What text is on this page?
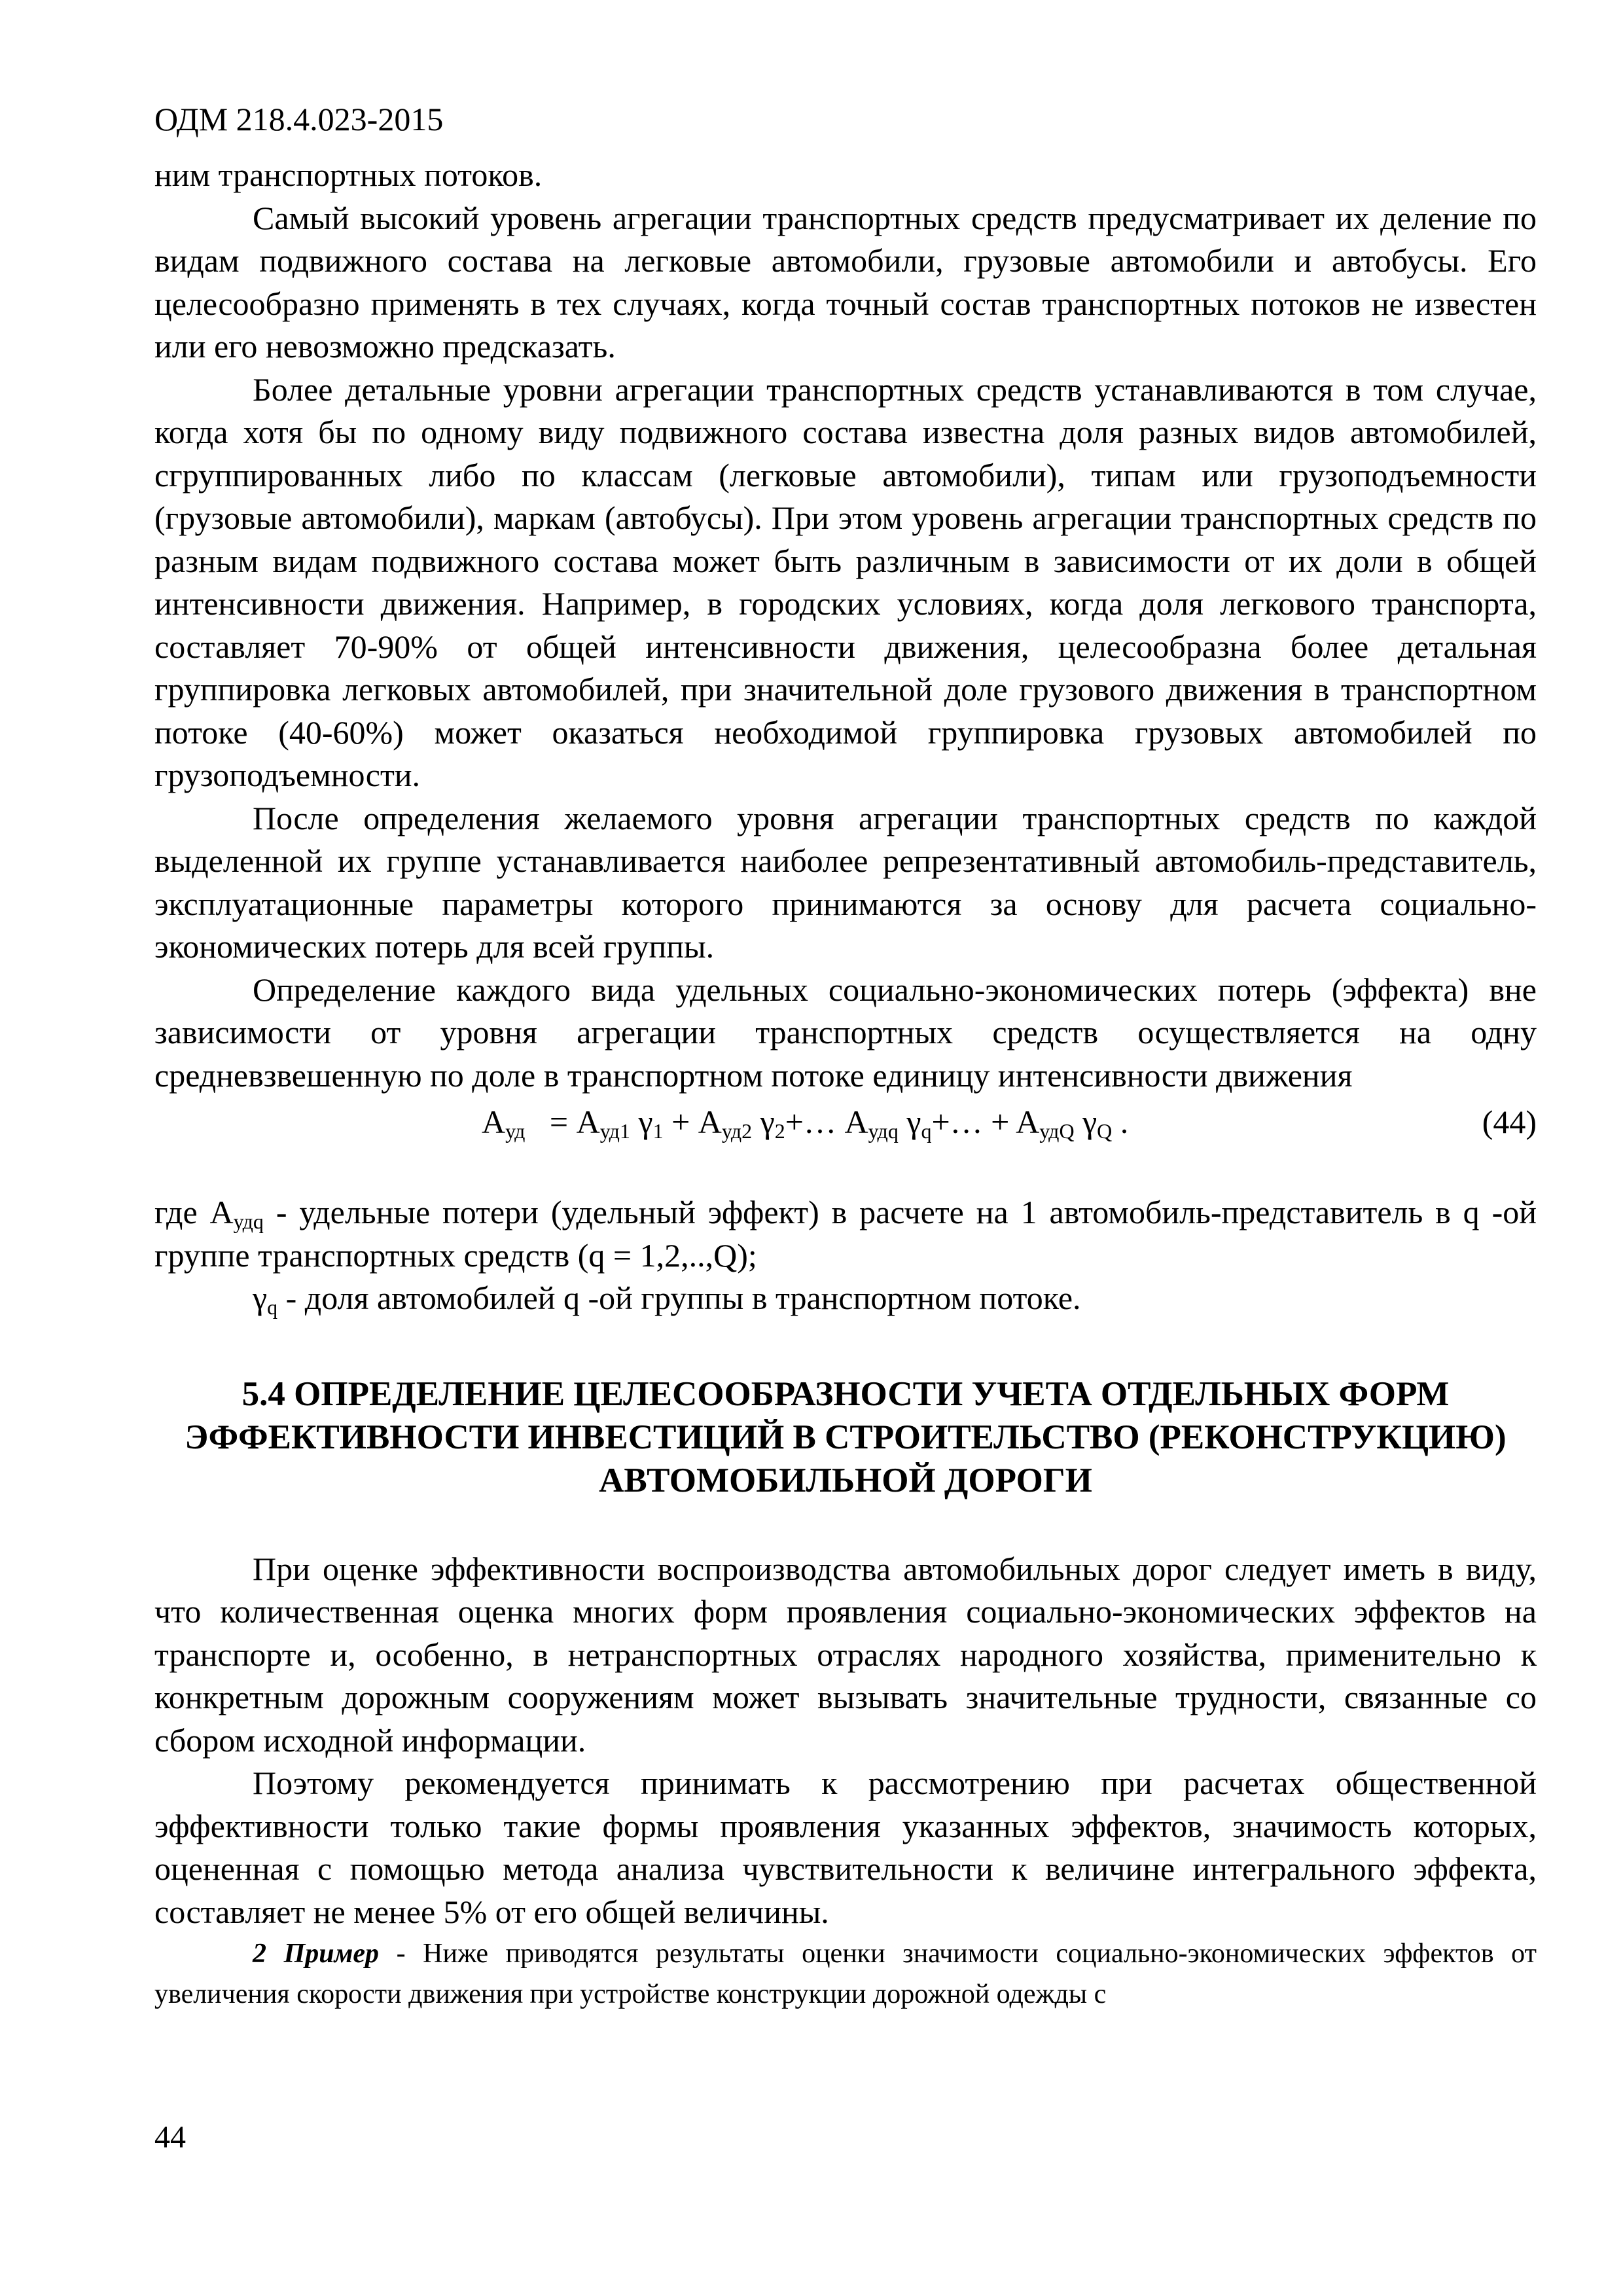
ОДМ 218.4.023-2015

ним транспортных потоков.

Самый высокий уровень агрегации транспортных средств предусматривает их деление по видам подвижного состава на легковые автомобили, грузовые автомобили и автобусы. Его целесообразно применять в тех случаях, когда точный состав транспортных потоков не известен или его невозможно предсказать.

Более детальные уровни агрегации транспортных средств устанавливаются в том случае, когда хотя бы по одному виду подвижного состава известна доля разных видов автомобилей, сгруппированных либо по классам (легковые автомобили), типам или грузоподъемности (грузовые автомобили), маркам (автобусы). При этом уровень агрегации транспортных средств по разным видам подвижного состава может быть различным в зависимости от их доли в общей интенсивности движения. Например, в городских условиях, когда доля легкового транспорта, составляет 70-90% от общей интенсивности движения, целесообразна более детальная группировка легковых автомобилей, при значительной доле грузового движения в транспортном потоке (40-60%) может оказаться необходимой группировка грузовых автомобилей по грузоподъемности.

После определения желаемого уровня агрегации транспортных средств по каждой выделенной их группе устанавливается наиболее репрезентативный автомобиль-представитель, эксплуатационные параметры которого принимаются за основу для расчета социально-экономических потерь для всей группы.

Определение каждого вида удельных социально-экономических потерь (эффекта) вне зависимости от уровня агрегации транспортных средств осуществляется на одну средневзвешенную по доле в транспортном потоке единицу интенсивности движения

$A_{уд} = A_{уд1}$ $\gamma_1 + A_{уд2}$ $\gamma_2+\dots$ $A_{удq}$ $\gamma_q+\dots + A_{удQ}$ $\gamma_Q$ .	(44)

где $A_{удq}$ - удельные потери (удельный эффект) в расчете на 1 автомобиль-представитель в q -ой группе транспортных средств (q = 1,2,..,Q);

$\gamma_q$ - доля автомобилей q -ой группы в транспортном потоке.

5.4 ОПРЕДЕЛЕНИЕ ЦЕЛЕСООБРАЗНОСТИ УЧЕТА ОТДЕЛЬНЫХ ФОРМ ЭФФЕКТИВНОСТИ ИНВЕСТИЦИЙ В СТРОИТЕЛЬСТВО (РЕКОНСТРУКЦИЮ) АВТОМОБИЛЬНОЙ ДОРОГИ

При оценке эффективности воспроизводства автомобильных дорог следует иметь в виду, что количественная оценка многих форм проявления социально-экономических эффектов на транспорте и, особенно, в нетранспортных отраслях народного хозяйства, применительно к конкретным дорожным сооружениям может вызывать значительные трудности, связанные со сбором исходной информации.

Поэтому рекомендуется принимать к рассмотрению при расчетах общественной эффективности только такие формы проявления указанных эффектов, значимость которых, оцененная с помощью метода анализа чувствительности к величине интегрального эффекта, составляет не менее 5% от его общей величины.

2 Пример - Ниже приводятся результаты оценки значимости социально-экономических эффектов от увеличения скорости движения при устройстве конструкции дорожной одежды с

44
